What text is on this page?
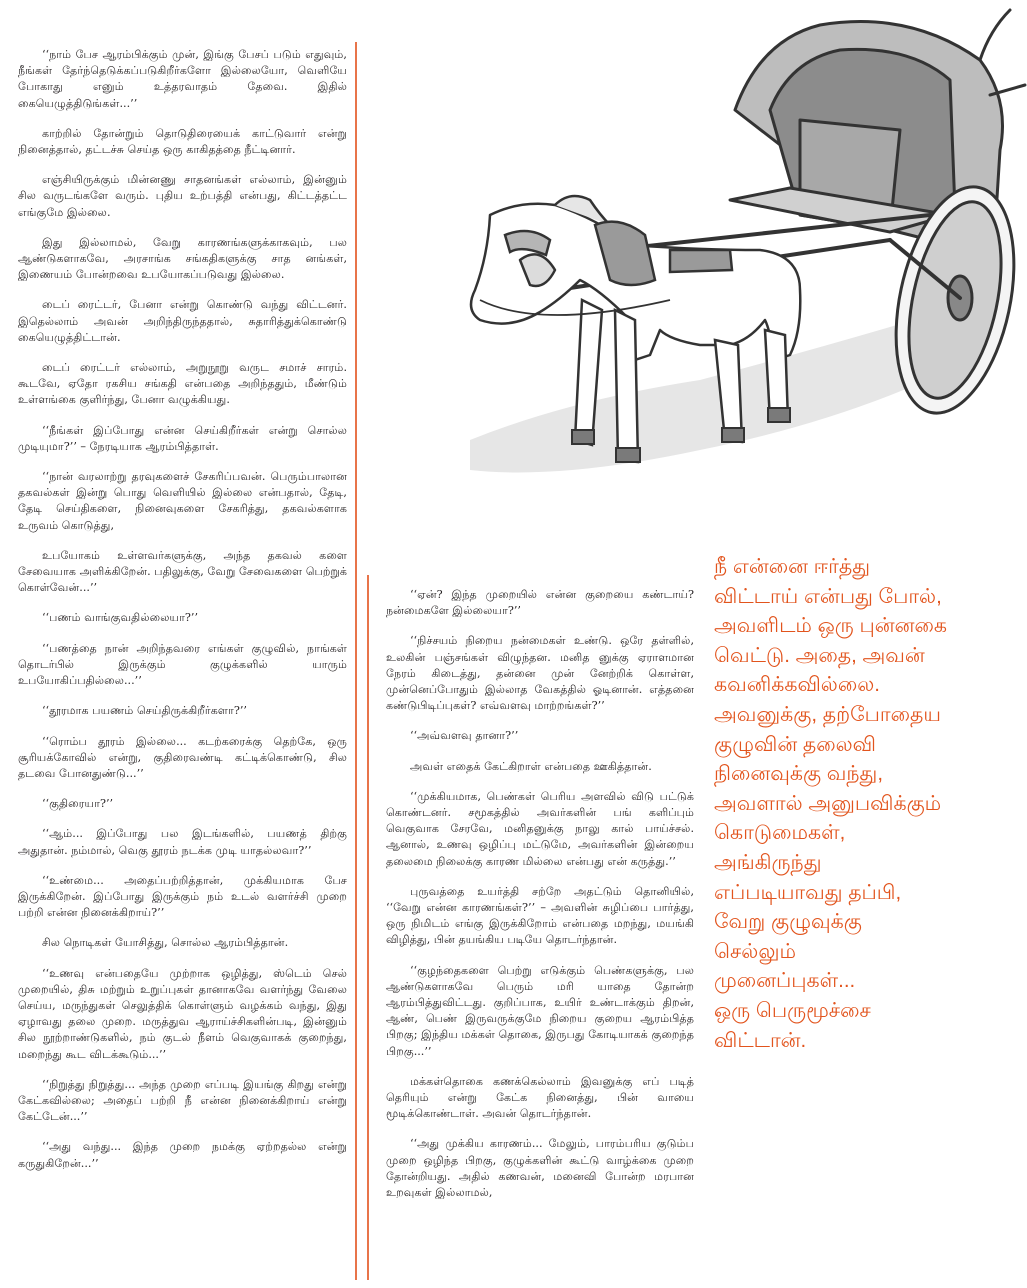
‘‘நாம் பேச ஆரம்பிக்கும் முன், இங்கு பேசப் படும் எதுவும், நீங்கள் தேர்ந்தெடுக்கப்படுகிறீர்களோ இல்லையோ, வெளியே போகாது எனும் உத்தரவாதம் தேவை. இதில் கையெழுத்திடுங்கள்...’’

காற்றில் தோன்றும் தொடுதிரையைக் காட்டுவார் என்று நினைத்தால், தட்டச்சு செய்த ஒரு காகிதத்தை நீட்டினார்.

எஞ்சியிருக்கும் மின்னணு சாதனங்கள் எல்லாம், இன்னும் சில வருடங்களே வரும். புதிய உற்பத்தி என்பது, கிட்டத்தட்ட எங்குமே இல்லை.

இது இல்லாமல், வேறு காரணங்களுக்காகவும், பல ஆண்டுகளாகவே, அரசாங்க சங்கதிகளுக்கு சாத னங்கள், இணையம் போன்றவை உபயோகப்படுவது இல்லை.

டைப் ரைட்டர், பேனா என்று கொண்டு வந்து விட்டனர். இதெல்லாம் அவன் அறிந்திருந்ததால், சுதாரித்துக்கொண்டு கையெழுத்திட்டான்.

டைப் ரைட்டர் எல்லாம், அறுநூறு வருட சமாச் சாரம். கூடவே, ஏதோ ரகசிய சங்கதி என்பதை அறிந்ததும், மீண்டும் உள்ளங்கை குளிர்ந்து, பேனா வழுக்கியது.

‘‘நீங்கள் இப்போது என்ன செய்கிறீர்கள் என்று சொல்ல முடியுமா?’’ – நேரடியாக ஆரம்பித்தாள்.

‘‘நான் வரலாற்று தரவுகளைச் சேகரிப்பவன். பெரும்பாலான தகவல்கள் இன்று பொது வெளியில் இல்லை என்பதால், தேடி, தேடி செய்திகளை, நினைவுகளை சேகரித்து, தகவல்களாக உருவம் கொடுத்து,

உபயோகம் உள்ளவர்களுக்கு, அந்த தகவல் களை சேவையாக அளிக்கிறேன். பதிலுக்கு, வேறு சேவைகளை பெற்றுக் கொள்வேன்...’’

‘‘பணம் வாங்குவதில்லையா?’’

‘‘பணத்தை நான் அறிந்தவரை எங்கள் குழுவில், நாங்கள் தொடர்பில் இருக்கும் குழுக்களில் யாரும் உபயோகிப்பதில்லை...’’

‘‘தூரமாக பயணம் செய்திருக்கிறீர்களா?’’

‘‘ரொம்ப தூரம் இல்லை... கடற்கரைக்கு தெற்கே, ஒரு சூரியக்கோவில் என்று, குதிரைவண்டி கட்டிக்கொண்டு, சில தடவை போனதுண்டு...’’

‘‘குதிரையா?’’

‘‘ஆம்... இப்போது பல இடங்களில், பயணத் திற்கு அதுதான். நம்மால், வெகு தூரம் நடக்க முடி யாதல்லவா?’’

‘‘உண்மை... அதைப்பற்றித்தான், முக்கியமாக பேச இருக்கிறேன். இப்போது இருக்கும் நம் உடல் வளர்ச்சி முறை பற்றி என்ன நினைக்கிறாய்?’’

சில நொடிகள் யோசித்து, சொல்ல ஆரம்பித்தான்.

‘‘உணவு என்பதையே முற்றாக ஒழித்து, ஸ்டெம் செல் முறையில், திசு மற்றும் உறுப்புகள் தானாகவே வளர்ந்து வேலை செய்ய, மருந்துகள் செலுத்திக் கொள்ளும் வழக்கம் வந்து, இது ஏழாவது தலை முறை. மருத்துவ ஆராய்ச்சிகளின்படி, இன்னும் சில நூற்றாண்டுகளில், நம் குடல் நீளம் வெகுவாகக் குறைந்து, மறைந்து கூட விடக்கூடும்...’’

‘‘நிறுத்து நிறுத்து... அந்த முறை எப்படி இயங்கு கிறது என்று கேட்கவில்லை; அதைப் பற்றி நீ என்ன நினைக்கிறாய் என்று கேட்டேன்...’’

‘‘அது வந்து... இந்த முறை நமக்கு ஏற்றதல்ல என்று கருதுகிறேன்...’’

‘‘ஏன்? இந்த முறையில் என்ன குறையை கண்டாய்? நன்மைகளே இல்லையா?’’

‘‘நிச்சயம் நிறைய நன்மைகள் உண்டு. ஒரே தள்ளில், உலகின் பஞ்சங்கள் விழுந்தன. மனித னுக்கு ஏராளமான நேரம் கிடைத்து, தன்னை முன் னேற்றிக் கொள்ள, முன்னெப்போதும் இல்லாத வேகத்தில் ஓடினான். எத்தனை கண்டுபிடிப்புகள்? எவ்வளவு மாற்றங்கள்?’’

‘‘அவ்வளவு தானா?’’

அவள் எதைக் கேட்கிறாள் என்பதை ஊகித்தான்.

‘‘முக்கியமாக, பெண்கள் பெரிய அளவில் விடு பட்டுக் கொண்டனர். சமூகத்தில் அவர்களின் பங் களிப்பும் வெகுவாக சேரவே, மனிதனுக்கு நாலு கால் பாய்ச்சல். ஆனால், உணவு ஒழிப்பு மட்டுமே, அவர்களின் இன்றைய தலைமை நிலைக்கு காரண மில்லை என்பது என் கருத்து.’’

புருவத்தை உயர்த்தி சற்றே அதட்டும் தொனியில், ‘‘வேறு என்ன காரணங்கள்?’’ – அவளின் சுழிப்பை பார்த்து, ஒரு நிமிடம் எங்கு இருக்கிறோம் என்பதை மறந்து, மயங்கி விழித்து, பின் தயங்கிய படியே தொடர்ந்தான்.

‘‘குழந்தைகளை பெற்று எடுக்கும் பெண்களுக்கு, பல ஆண்டுகளாகவே பெரும் மரி யாதை தோன்ற ஆரம்பித்துவிட்டது. குறிப்பாக, உயிர் உண்டாக்கும் திறன், ஆண், பெண் இருவருக்குமே நிறைய குறைய ஆரம்பித்த பிறகு; இந்திய மக்கள் தொகை, இருபது கோடியாகக் குறைந்த பிறகு...’’

மக்கள்தொகை கணக்கெல்லாம் இவனுக்கு எப் படித் தெரியும் என்று கேட்க நினைத்து, பின் வாயை மூடிக்கொண்டாள். அவன் தொடர்ந்தான்.

‘‘அது முக்கிய காரணம்... மேலும், பாரம்பரிய குடும்ப முறை ஒழிந்த பிறகு, குழுக்களின் கூட்டு வாழ்க்கை முறை தோன்றியது. அதில் கணவன், மனைவி போன்ற மரபான உறவுகள் இல்லாமல்,

நீ என்னை ஈர்த்து
விட்டாய் என்பது போல்,
அவளிடம் ஒரு புன்னகை
வெட்டு. அதை, அவன்
கவனிக்கவில்லை.
அவனுக்கு, தற்போதைய
குழுவின் தலைவி
நினைவுக்கு வந்து,
அவளால் அனுபவிக்கும்
கொடுமைகள்,
அங்கிருந்து
எப்படியாவது தப்பி,
வேறு குழுவுக்கு
செல்லும்
முனைப்புகள்...
ஒரு பெருமூச்சை
விட்டான்.
